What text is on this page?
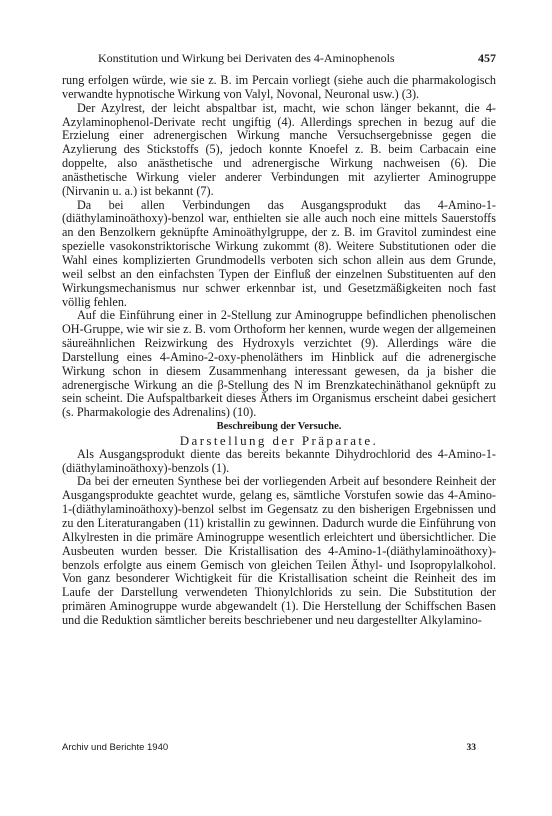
Konstitution und Wirkung bei Derivaten des 4-Aminophenols	457

rung erfolgen würde, wie sie z. B. im Percain vorliegt (siehe auch die pharmakologisch verwandte hypnotische Wirkung von Valyl, Novonal, Neuronal usw.) (3).

Der Azylrest, der leicht abspaltbar ist, macht, wie schon länger bekannt, die 4-Azylaminophenol-Derivate recht ungiftig (4). Allerdings sprechen in bezug auf die Erzielung einer adrenergischen Wirkung manche Versuchsergebnisse gegen die Azylierung des Stickstoffs (5), jedoch konnte Knoefel z. B. beim Carbacain eine doppelte, also anästhetische und adrenergische Wirkung nachweisen (6). Die anästhetische Wirkung vieler anderer Verbindungen mit azylierter Aminogruppe (Nirvanin u. a.) ist bekannt (7).

Da bei allen Verbindungen das Ausgangsprodukt das 4-Amino-1-(diäthylaminoäthoxy)-benzol war, enthielten sie alle auch noch eine mittels Sauerstoffs an den Benzolkern geknüpfte Aminoäthylgruppe, der z. B. im Gravitol zumindest eine spezielle vasokonstriktorische Wirkung zukommt (8). Weitere Substitutionen oder die Wahl eines komplizierten Grundmodells verboten sich schon allein aus dem Grunde, weil selbst an den einfachsten Typen der Einfluß der einzelnen Substituenten auf den Wirkungsmechanismus nur schwer erkennbar ist, und Gesetzmäßigkeiten noch fast völlig fehlen.

Auf die Einführung einer in 2-Stellung zur Aminogruppe befindlichen phenolischen OH-Gruppe, wie wir sie z. B. vom Orthoform her kennen, wurde wegen der allgemeinen säureähnlichen Reizwirkung des Hydroxyls verzichtet (9). Allerdings wäre die Darstellung eines 4-Amino-2-oxy-phenoläthers im Hinblick auf die adrenergische Wirkung schon in diesem Zusammenhang interessant gewesen, da ja bisher die adrenergische Wirkung an die β-Stellung des N im Brenzkatechinäthanol geknüpft zu sein scheint. Die Aufspaltbarkeit dieses Äthers im Organismus erscheint dabei gesichert (s. Pharmakologie des Adrenalins) (10).

Beschreibung der Versuche.

Darstellung der Präparate.

Als Ausgangsprodukt diente das bereits bekannte Dihydrochlorid des 4-Amino-1-(diäthylaminoäthoxy)-benzols (1).

Da bei der erneuten Synthese bei der vorliegenden Arbeit auf besondere Reinheit der Ausgangsprodukte geachtet wurde, gelang es, sämtliche Vorstufen sowie das 4-Amino-1-(diäthylaminoäthoxy)-benzol selbst im Gegensatz zu den bisherigen Ergebnissen und zu den Literaturangaben (11) kristallin zu gewinnen. Dadurch wurde die Einführung von Alkylresten in die primäre Aminogruppe wesentlich erleichtert und übersichtlicher. Die Ausbeuten wurden besser. Die Kristallisation des 4-Amino-1-(diäthylaminoäthoxy)-benzols erfolgte aus einem Gemisch von gleichen Teilen Äthyl- und Isopropylalkohol. Von ganz besonderer Wichtigkeit für die Kristallisation scheint die Reinheit des im Laufe der Darstellung verwendeten Thionylchlorids zu sein. Die Substitution der primären Aminogruppe wurde abgewandelt (1). Die Herstellung der Schiffschen Basen und die Reduktion sämtlicher bereits beschriebener und neu dargestellter Alkylamino-

Archiv und Berichte 1940	33
